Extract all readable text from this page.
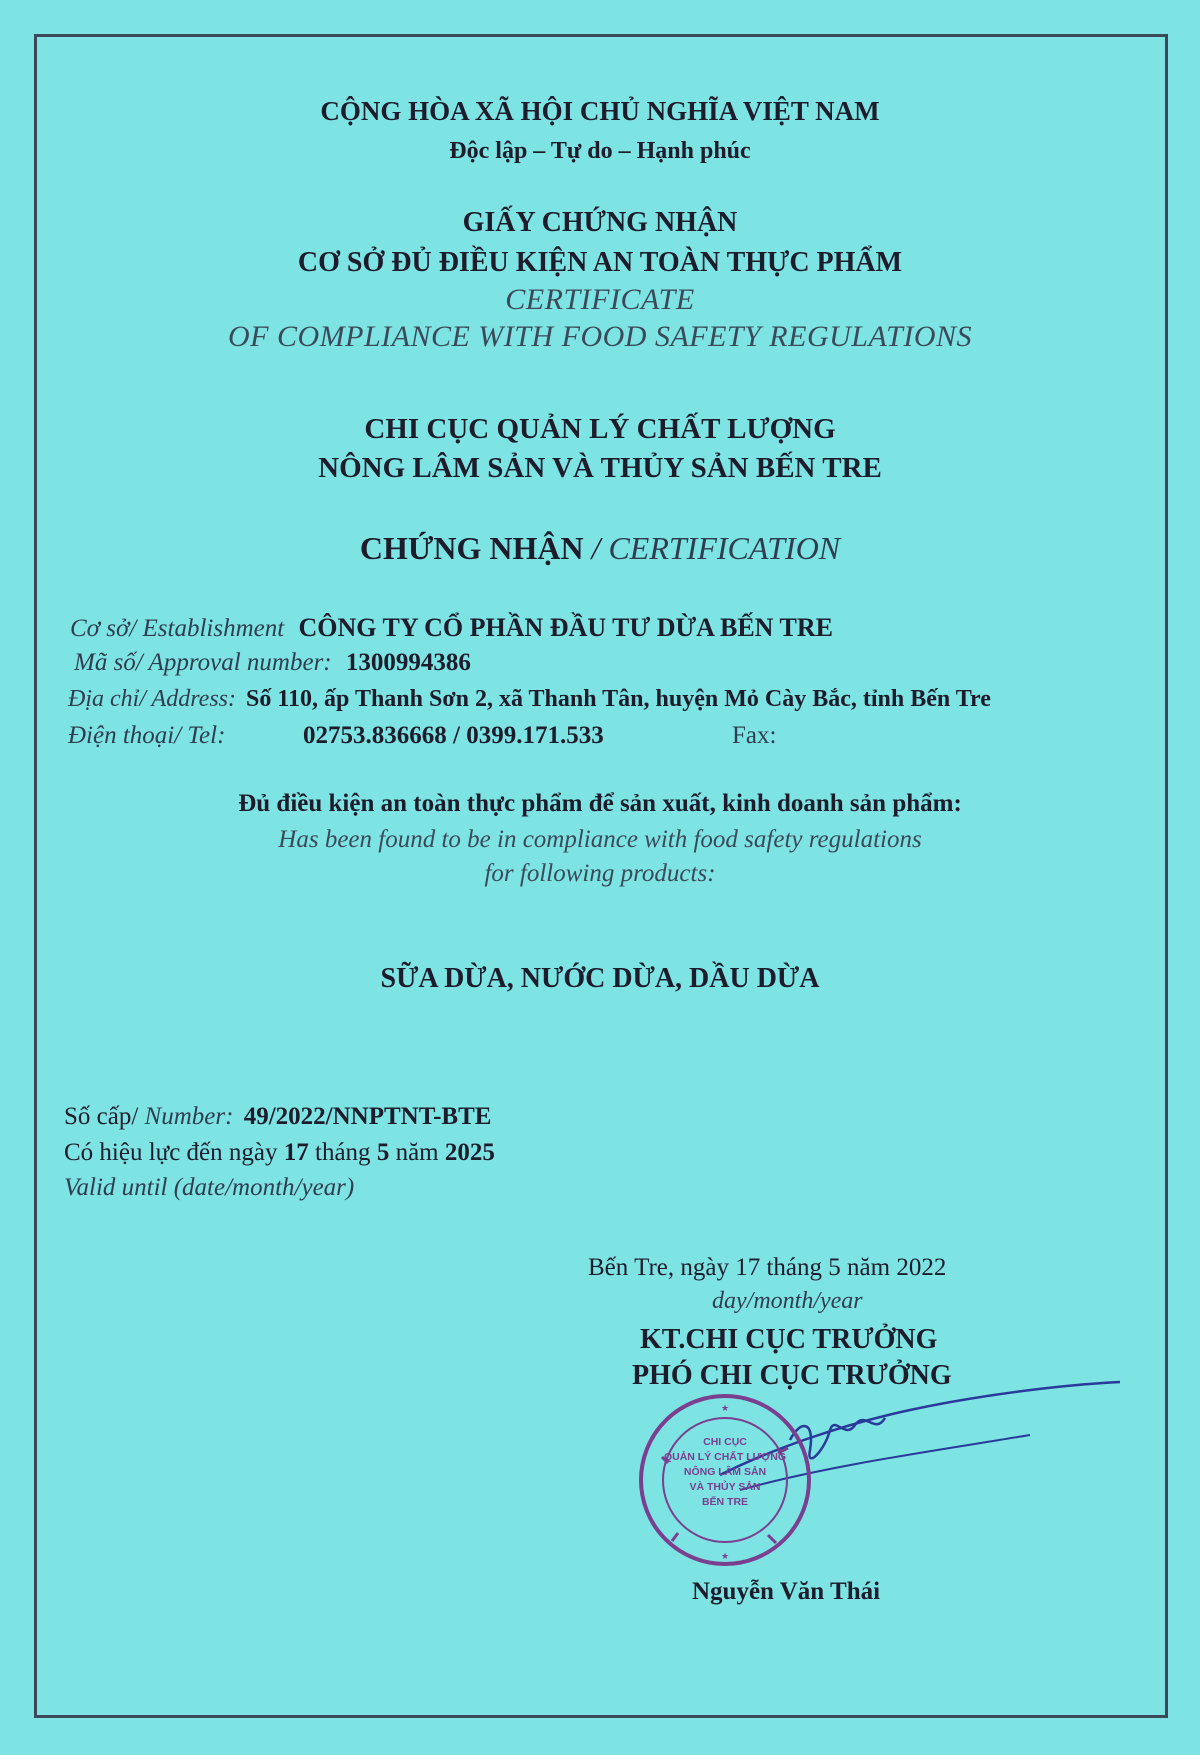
CỘNG HÒA XÃ HỘI CHỦ NGHĨA VIỆT NAM
Độc lập – Tự do – Hạnh phúc
GIẤY CHỨNG NHẬN
CƠ SỞ ĐỦ ĐIỀU KIỆN AN TOÀN THỰC PHẨM
CERTIFICATE
OF COMPLIANCE WITH FOOD SAFETY REGULATIONS
CHI CỤC QUẢN LÝ CHẤT LƯỢNG
NÔNG LÂM SẢN VÀ THỦY SẢN BẾN TRE
CHỨNG NHẬN / CERTIFICATION
Cơ sở/ Establishment CÔNG TY CỔ PHẦN ĐẦU TƯ DỪA BẾN TRE
Mã số/ Approval number: 1300994386
Địa chỉ/ Address: Số 110, ấp Thanh Sơn 2, xã Thanh Tân, huyện Mỏ Cày Bắc, tỉnh Bến Tre
Điện thoại/ Tel:	02753.836668 / 0399.171.533	Fax:
Đủ điều kiện an toàn thực phẩm để sản xuất, kinh doanh sản phẩm:
Has been found to be in compliance with food safety regulations
for following products:
SỮA DỪA, NƯỚC DỪA, DẦU DỪA
Số cấp/ Number: 49/2022/NNPTNT-BTE
Có hiệu lực đến ngày 17 tháng 5 năm 2025
Valid until (date/month/year)
Bến Tre, ngày 17 tháng 5 năm 2022
day/month/year
KT.CHI CỤC TRƯỞNG
PHÓ CHI CỤC TRƯỞNG
★
★
CHI CỤC
QUẢN LÝ CHẤT LƯỢNG
NÔNG LÂM SẢN
VÀ THỦY SẢN
BẾN TRE
Nguyễn Văn Thái
